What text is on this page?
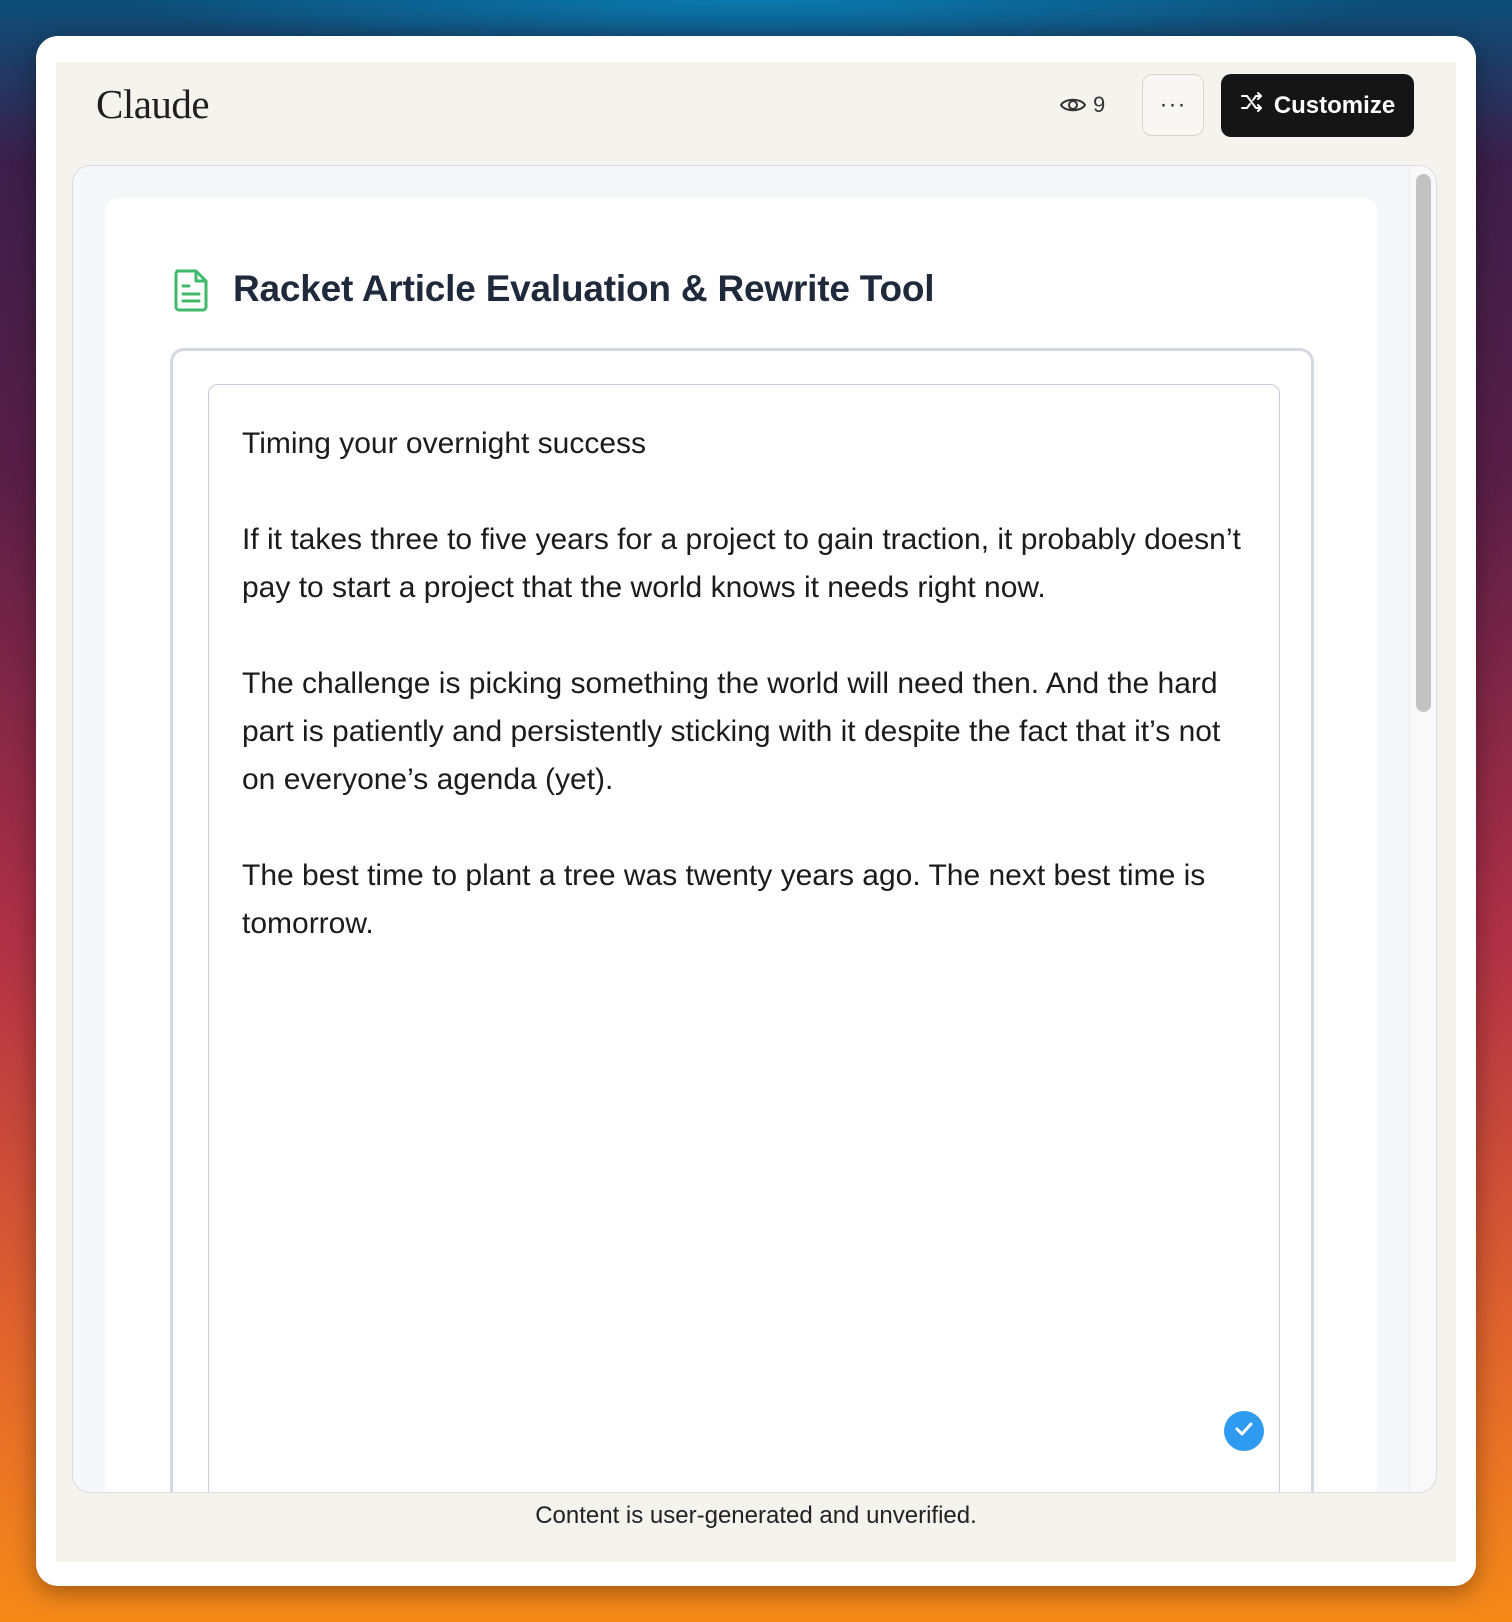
Claude	9 ···	Customize
Racket Article Evaluation & Rewrite Tool

Timing your overnight success

If it takes three to five years for a project to gain traction, it probably doesn’t pay to start a project that the world knows it needs right now.

The challenge is picking something the world will need then. And the hard part is patiently and persistently sticking with it despite the fact that it’s not on everyone’s agenda (yet).

The best time to plant a tree was twenty years ago. The next best time is tomorrow.

Content is user-generated and unverified.
